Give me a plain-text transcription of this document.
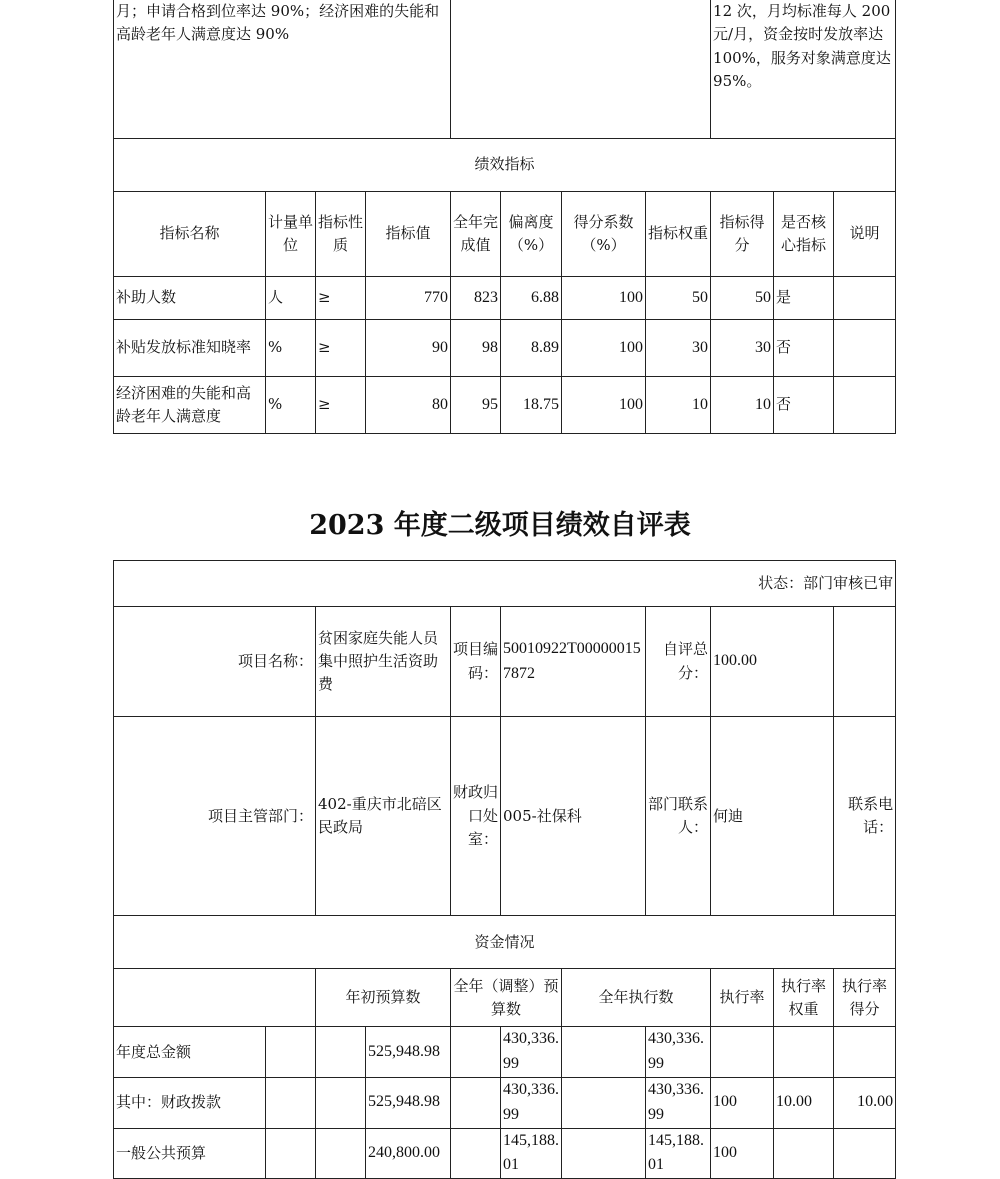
月；申请合格到位率达 90%；经济困难的失能和高龄老年人满意度达 90%								12 次，月均标准每人 200 元/月，资金按时发放率达 100%，服务对象满意度达 95%。		
绩效指标										
指标名称	计量单位	指标性质	指标值	全年完成值	偏离度（%）	得分系数（%）	指标权重	指标得分	是否核心指标	说明
补助人数	人	≥	770	823	6.88	100	50	50	是	
补贴发放标准知晓率	%	≥	90	98	8.89	100	30	30	否	
经济困难的失能和高龄老年人满意度	%	≥	80	95	18.75	100	10	10	否	
2023 年度二级项目绩效自评表
状态：部门审核已审											
项目名称：		贫困家庭失能人员集中照护生活资助费		项目编码：	50010922T000000157872		自评总分：	100.00			
项目主管部门：		402-重庆市北碚区民政局		财政归口处室：	005-社保科		部门联系人：	何迪		联系电话：	
资金情况											
		年初预算数		全年（调整）预算数		全年执行数		执行率	执行率权重	执行率得分	
年度总金额			525,948.98		430,336.99		430,336.99				
其中：财政拨款			525,948.98		430,336.99		430,336.99	100	10.00	10.00	
一般公共预算			240,800.00		145,188.01		145,188.01	100			
